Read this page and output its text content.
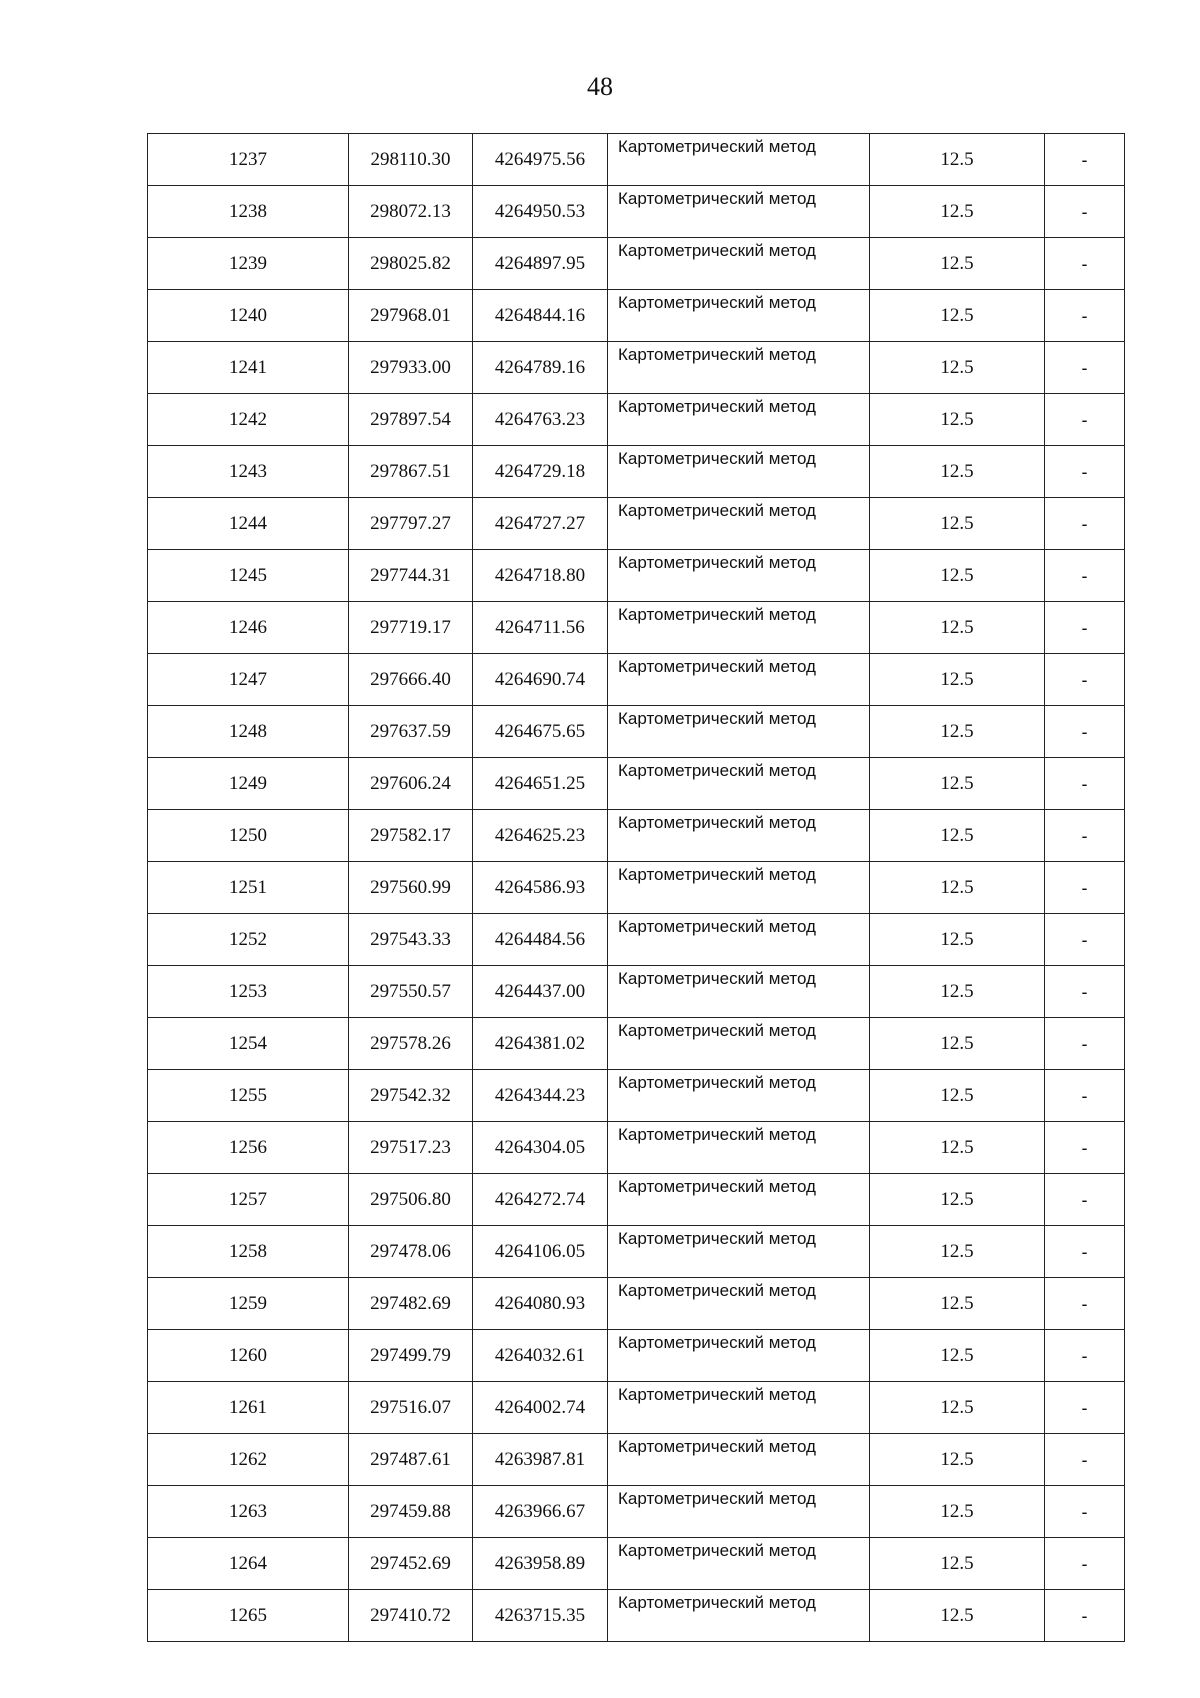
48
1237	298110.30	4264975.56	Картометрический метод	12.5	-
1238	298072.13	4264950.53	Картометрический метод	12.5	-
1239	298025.82	4264897.95	Картометрический метод	12.5	-
1240	297968.01	4264844.16	Картометрический метод	12.5	-
1241	297933.00	4264789.16	Картометрический метод	12.5	-
1242	297897.54	4264763.23	Картометрический метод	12.5	-
1243	297867.51	4264729.18	Картометрический метод	12.5	-
1244	297797.27	4264727.27	Картометрический метод	12.5	-
1245	297744.31	4264718.80	Картометрический метод	12.5	-
1246	297719.17	4264711.56	Картометрический метод	12.5	-
1247	297666.40	4264690.74	Картометрический метод	12.5	-
1248	297637.59	4264675.65	Картометрический метод	12.5	-
1249	297606.24	4264651.25	Картометрический метод	12.5	-
1250	297582.17	4264625.23	Картометрический метод	12.5	-
1251	297560.99	4264586.93	Картометрический метод	12.5	-
1252	297543.33	4264484.56	Картометрический метод	12.5	-
1253	297550.57	4264437.00	Картометрический метод	12.5	-
1254	297578.26	4264381.02	Картометрический метод	12.5	-
1255	297542.32	4264344.23	Картометрический метод	12.5	-
1256	297517.23	4264304.05	Картометрический метод	12.5	-
1257	297506.80	4264272.74	Картометрический метод	12.5	-
1258	297478.06	4264106.05	Картометрический метод	12.5	-
1259	297482.69	4264080.93	Картометрический метод	12.5	-
1260	297499.79	4264032.61	Картометрический метод	12.5	-
1261	297516.07	4264002.74	Картометрический метод	12.5	-
1262	297487.61	4263987.81	Картометрический метод	12.5	-
1263	297459.88	4263966.67	Картометрический метод	12.5	-
1264	297452.69	4263958.89	Картометрический метод	12.5	-
1265	297410.72	4263715.35	Картометрический метод	12.5	-
